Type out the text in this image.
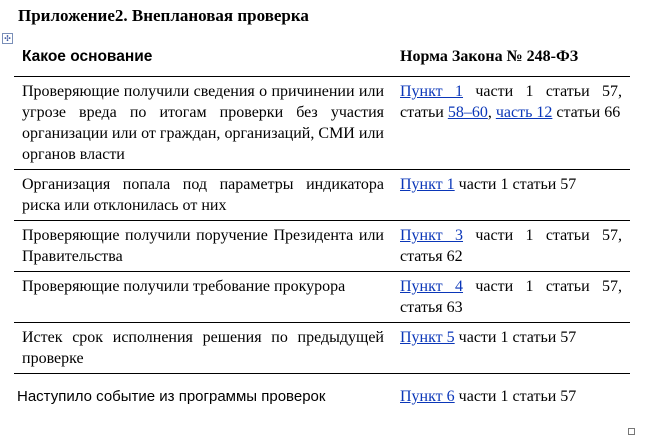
Приложение2. Внеплановая проверка
✣
Какое основание	Норма Закона № 248-ФЗ
Проверяющие получили сведения о причинении или угрозе вреда по итогам проверки без участия организации или от граждан, организаций, СМИ или органов власти	Пункт 1 части 1 статьи 57, статьи 58–60, часть 12 статьи 66
Организация попала под параметры индикатора риска или отклонилась от них	Пункт 1 части 1 статьи 57
Проверяющие получили поручение Президента или Правительства	Пункт 3 части 1 статьи 57, статья 62
Проверяющие получили требование прокурора	Пункт 4 части 1 статьи 57, статья 63
Истек срок исполнения решения по предыдущей проверке	Пункт 5 части 1 статьи 57
Наступило событие из программы проверок	Пункт 6 части 1 статьи 57
